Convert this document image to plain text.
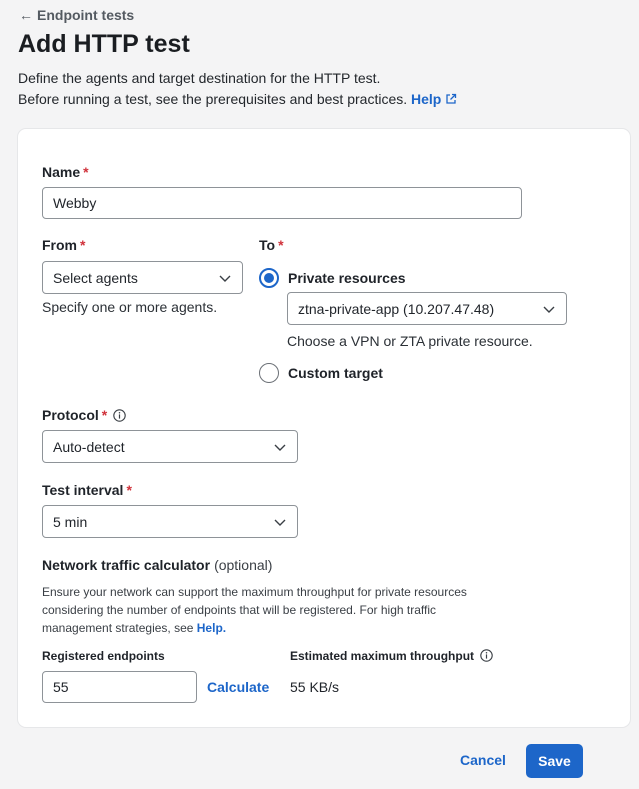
← Endpoint tests
Add HTTP test
Define the agents and target destination for the HTTP test.
Before running a test, see the prerequisites and best practices. Help
Name *
Webby
From *
Select agents
Specify one or more agents.
To *
Private resources
ztna-private-app (10.207.47.48)
Choose a VPN or ZTA private resource.
Custom target
Protocol *
Auto-detect
Test interval *
5 min
Network traffic calculator (optional)
Ensure your network can support the maximum throughput for private resources
considering the number of endpoints that will be registered. For high traffic
management strategies, see Help.
Registered endpoints
55	Calculate
Estimated maximum throughput
55 KB/s
Cancel	Save
